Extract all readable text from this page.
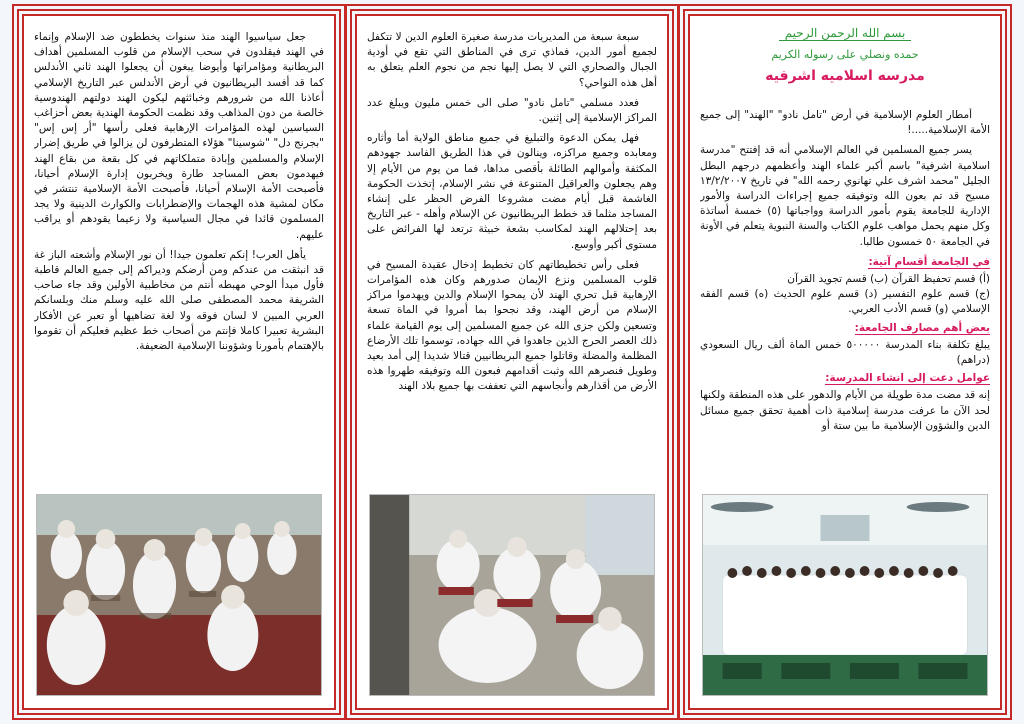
جعل سياسيوا الهند منذ سنوات يخططون ضد الإسلام وإنماء في الهند فيقلدون في سحب الإسلام من قلوب المسلمين أهداف البريطانية ومؤامراتها وأيوضا يبغون أن يجعلوا الهند ثاني الأندلس كما قد أفسد البريطانيون في أرض الأندلس عبر التاريخ الإسلامي أعاذنا الله من شرورهم وخبائثهم ليكون الهند دولتهم الهندوسية خالصة من دون المذاهب وقد نظمت الحكومة الهندية بعض أحزاغب السياسين لهذه المؤامرات الإرهابية فعلى رأسها "أر إس إس" "بجرنج دل" "شوسينا" هؤلاء المتطرفون لن يزالوا في طريق إضرار الإسلام والمسلمين وإبادة متملكاتهم في كل بقعة من بقاع الهند فيهدمون بعض المساجد طارة ويخربون إدارة الإسلام أحيانا، فأصبحت الأمة الإسلام أحيانا، فأصبحت الأمة الإسلامية تنتشر في مكان لمشية هذه الهجمات والإضطرابات والكوارث الدينية ولا يجد المسلمون قائدا في مجال السياسية ولا زعيما يقودهم أو يراقب عليهم.

يأهل العرب! إنكم تعلمون جيدا! أن نور الإسلام وأشعته الباز غة قد انبثقت من عندكم ومن أرضكم وديراكم إلى جميع العالم قاطبة فأول مبدأ الوحي مهبطه أنتم من مخاطبية الأولين وقد جاء صاحب الشريفة محمد المصطفى صلى الله عليه وسلم منك وبلسانكم العربي المبين لا لسان فوقه ولا لغة تضاهيها أو تعبر عن الأفكار البشرية تعبيرا كاملا فإنتم من أصحاب خط عظيم فعليكم أن تقوموا بالإهتمام بأمورنا وشؤوننا الإسلامية الضعيفة.

سبعة سبعة من المديريات مدرسة صغيرة العلوم الدين لا تتكفل لجميع أمور الدين، فماذي ترى في المناطق التي تقع في أودية الجبال والصحاري التي لا يصل إليها نجم من نجوم العلم يتعلق به أهل هذه النواحي؟

فعدد مسلمي "تامل نادو" صلى الى خمس مليون ويبلغ عدد المراكز الإسلامية إلى إثنين.

فهل يمكن الدعوة والتبليغ في جميع مناطق الولاية أما وأثاره ومعابده وجميع مراكزه، وينالون في هذا الطريق الفاسد جهودهم المكثفة وأموالهم الطائلة بأقصى مداها، فما من يوم من الأيام إلا وهم يجعلون والعراقيل المتنوعة في نشر الإسلام، إتخذت الحكومة الغاشمة قبل أيام مضت مشروعا الفرض الحظر على إنشاء المساجد مثلما قد خطط البريطانيون عن الإسلام وأهله - عبر التاريخ بعد إحتلالهم الهند لمكاسب بشعة خبيثة ترتعد لها الفرائض على مستوى أكبر وأوسع.

فعلى رأس تخطيطاتهم كان تخطيط إدخال عقيدة المسيح في قلوب المسلمين ونزع الإيمان صدورهم وكان هذه المؤامرات الإرهابية قبل تحري الهند لأن يمحوا الإسلام والدين ويهدموا مراكز الإسلام من أرض الهند، وقد نجحوا بما أمروا في الماة تسعة وتسعين ولكن جزى الله عن جميع المسلمين إلى يوم القيامة علماء ذلك العصر الحرج الذين جاهدوا في الله جهاده، توسموا تلك الأرضاع المظلمة والمضلة وقاتلوا جميع البريطانيين قتالا شديدا إلى أمد بعيد وطويل فنصرهم الله وثبت أقدامهم فبعون الله وتوفيقه طهروا هذه الأرض من أقذارهم وأنجاسهم التي تعففت بها جميع بلاد الهند

بسم الله الرحمن الرحيم
حمده ونصلي على رسوله الكريم
مدرسه اسلاميه اشرفيه

أمطار العلوم الإسلامية في أرض "تامل نادو" "الهند" إلى جميع الأمة الإسلامية.....!

يسر جميع المسلمين في العالم الإسلامي أنه قد إفتتح "مدرسة اسلامية اشرفية" باسم أكبر علماء الهند وأعظمهم درجهم البطل الجليل "محمد اشرف علي تهانوي رحمه الله" في تاريخ ١٣/٢/٢٠٠٧ مسيح قد تم بعون الله وتوفيقه جميع إجراءات الدراسة والأمور الإدارية للجامعة يقوم بأمور الدراسة وواجباتها (٥) خمسة أساتذة وكل منهم يحمل مواهب علوم الكتاب والسنة النبوية يتعلم في الأونة في الجامعة ٥٠ خمسون طالبا.

في الجامعة أقسام آتية:
(أ) قسم تحفيظ القرآن (ب) قسم تجويد القرآن
(ج) قسم علوم التفسير (د) قسم علوم الحديث (ه) قسم الفقه الإسلامي (و) قسم الأدب العربي.
بعض أهم مصارف الجامعة:
يبلغ تكلفة بناء المدرسة ٥٠٠٠٠٠ خمس الماة ألف ريال السعودي (دراهم)
عوامل دعت إلى انشاء المدرسة:
إنه قد مضت مدة طويلة من الأيام والدهور على هذه المنطقة ولكنها لحد الآن ما عرفت مدرسة إسلامية ذات أهمية تحقق جميع مسائل الدين والشؤون الإسلامية ما بين ستة أو
